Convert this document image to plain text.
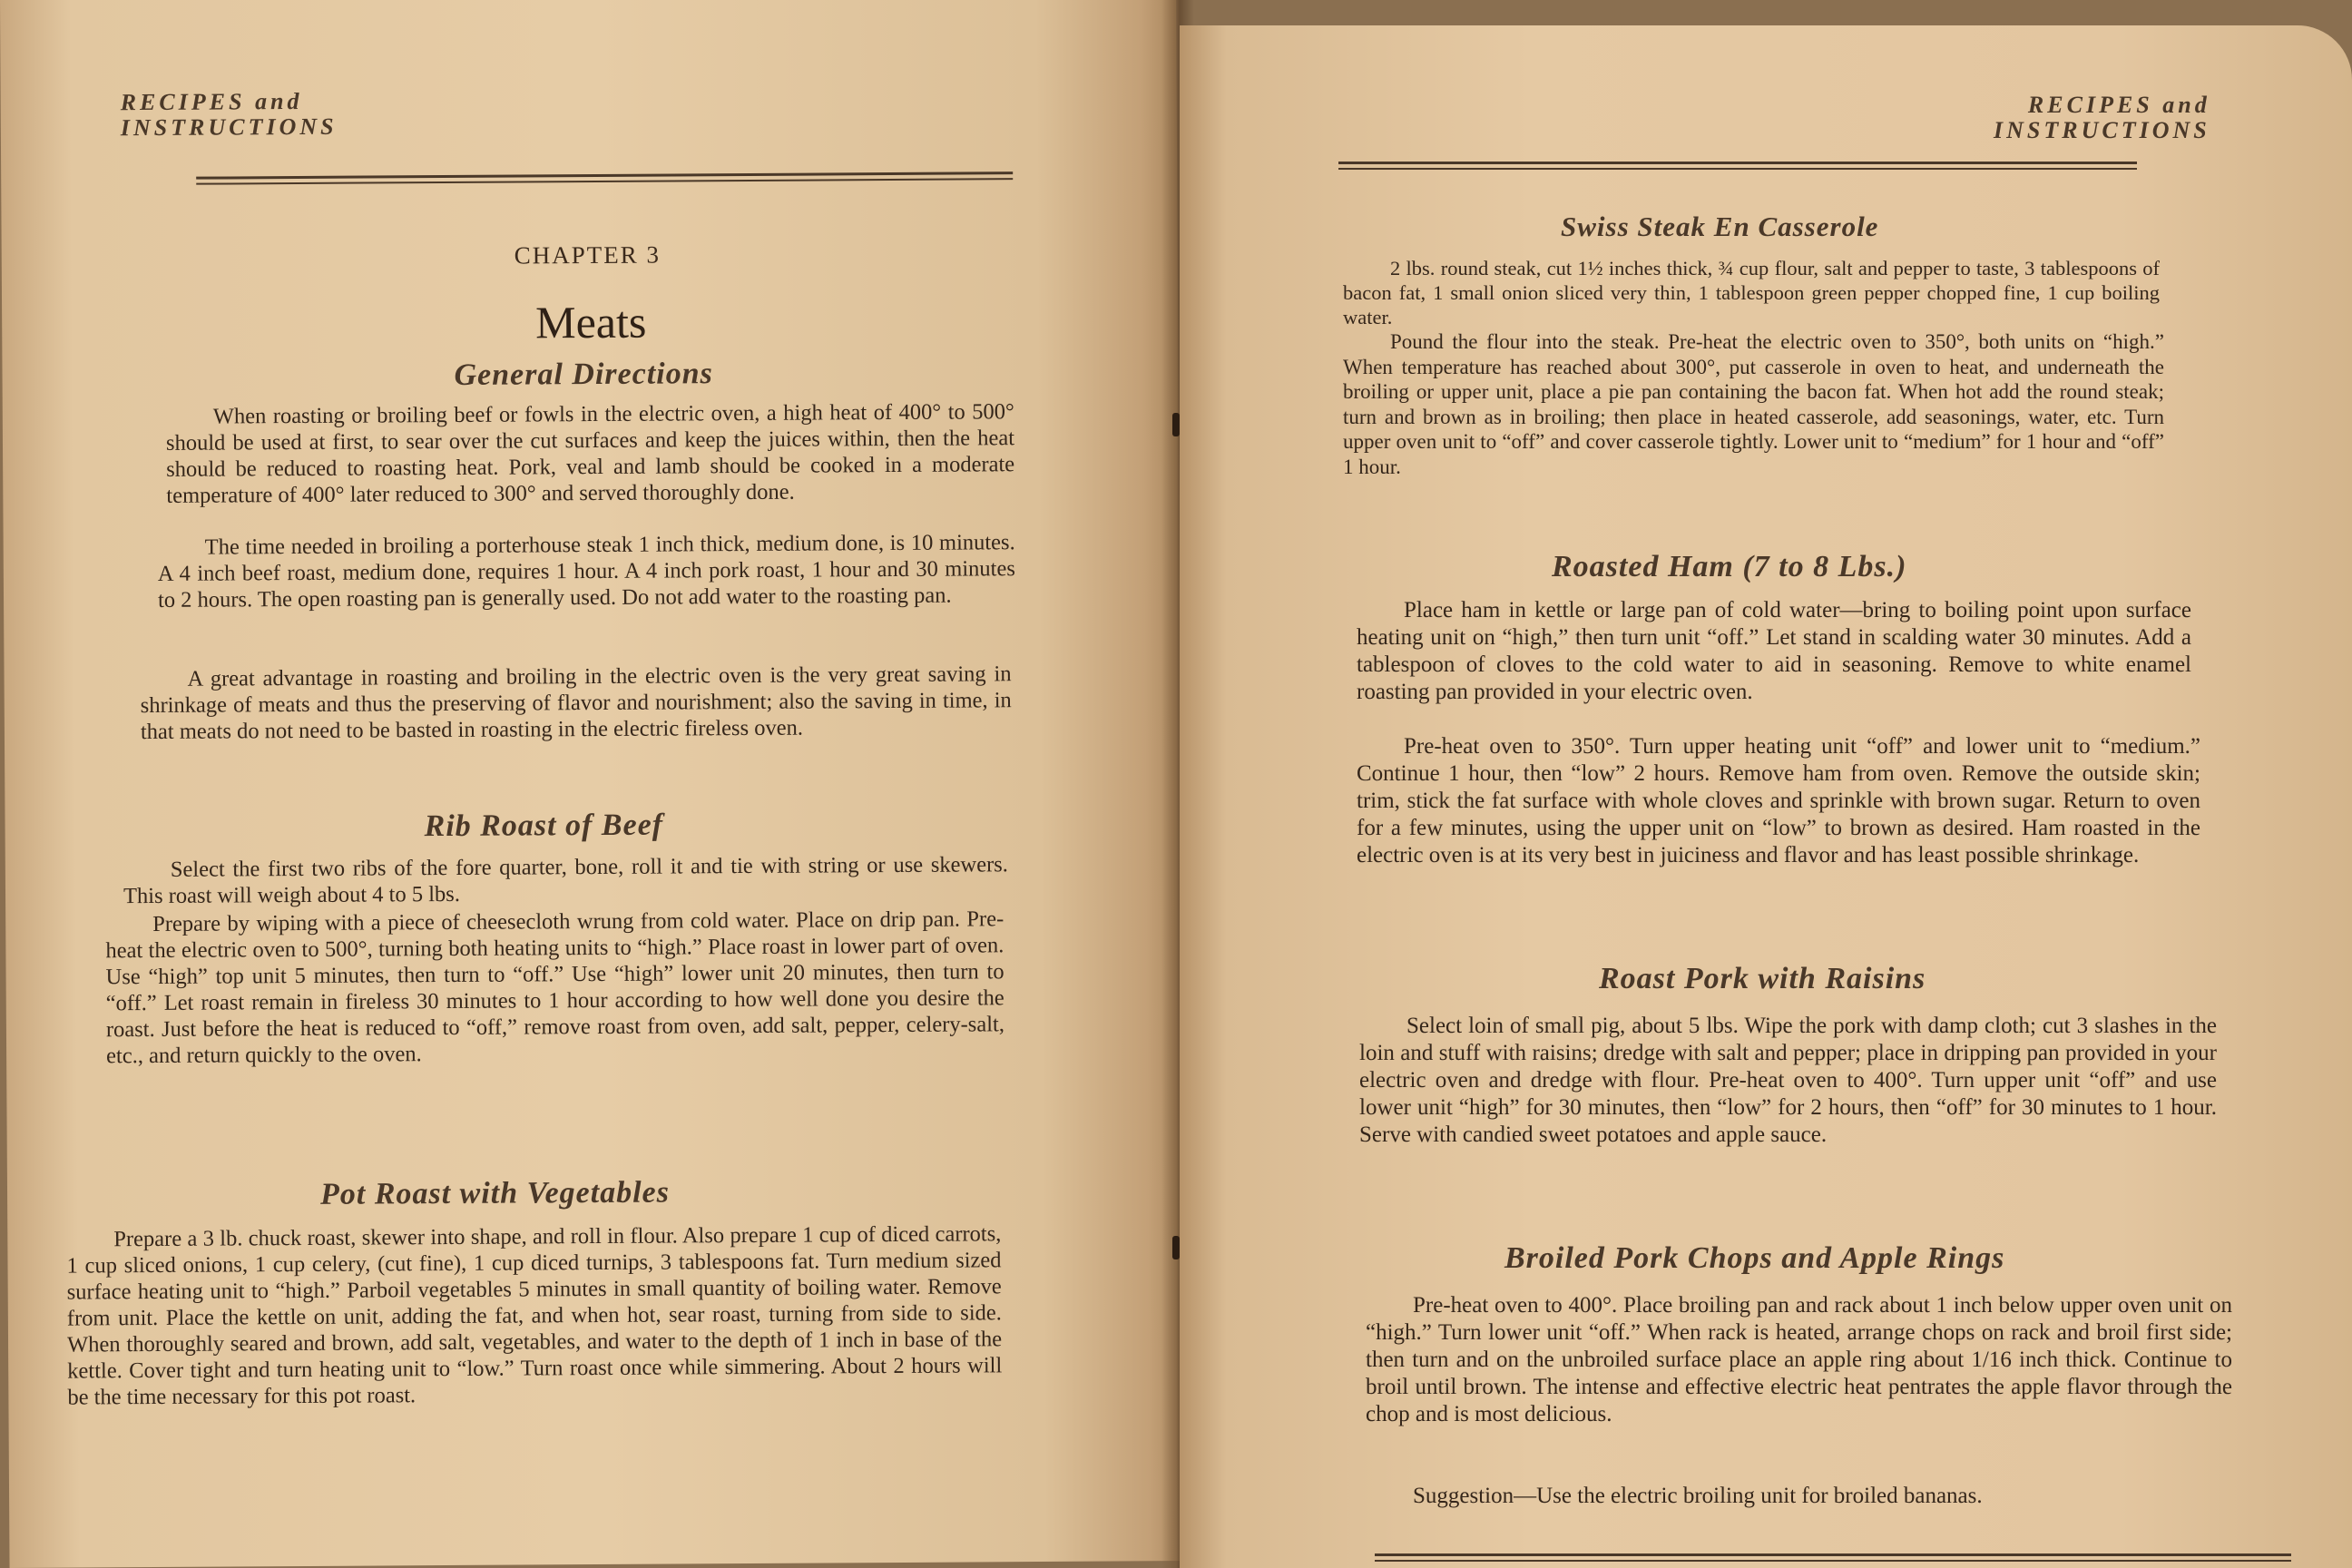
RECIPES and
INSTRUCTIONS
CHAPTER 3
Meats
General Directions
When roasting or broiling beef or fowls in the electric oven, a high heat of 400° to 500° should be used at first, to sear over the cut surfaces and keep the juices within, then the heat should be reduced to roasting heat. Pork, veal and lamb should be cooked in a moderate temperature of 400° later reduced to 300° and served thoroughly done.
The time needed in broiling a porterhouse steak 1 inch thick, medium done, is 10 minutes. A 4 inch beef roast, medium done, requires 1 hour. A 4 inch pork roast, 1 hour and 30 minutes to 2 hours. The open roasting pan is generally used. Do not add water to the roasting pan.
A great advantage in roasting and broiling in the electric oven is the very great saving in shrinkage of meats and thus the preserving of flavor and nourishment; also the saving in time, in that meats do not need to be basted in roasting in the electric fireless oven.
Rib Roast of Beef
Select the first two ribs of the fore quarter, bone, roll it and tie with string or use skewers. This roast will weigh about 4 to 5 lbs.
Prepare by wiping with a piece of cheesecloth wrung from cold water. Place on drip pan. Pre-heat the electric oven to 500°, turning both heating units to “high.” Place roast in lower part of oven. Use “high” top unit 5 minutes, then turn to “off.” Use “high” lower unit 20 minutes, then turn to “off.” Let roast remain in fireless 30 minutes to 1 hour according to how well done you desire the roast. Just before the heat is reduced to “off,” remove roast from oven, add salt, pepper, celery-salt, etc., and return quickly to the oven.
Pot Roast with Vegetables
Prepare a 3 lb. chuck roast, skewer into shape, and roll in flour. Also prepare 1 cup of diced carrots, 1 cup sliced onions, 1 cup celery, (cut fine), 1 cup diced turnips, 3 tablespoons fat. Turn medium sized surface heating unit to “high.” Parboil vegetables 5 minutes in small quantity of boiling water. Remove from unit. Place the kettle on unit, adding the fat, and when hot, sear roast, turning from side to side. When thoroughly seared and brown, add salt, vegetables, and water to the depth of 1 inch in base of the kettle. Cover tight and turn heating unit to “low.” Turn roast once while simmering. About 2 hours will be the time necessary for this pot roast.
RECIPES and
INSTRUCTIONS
Swiss Steak En Casserole
2 lbs. round steak, cut 1½ inches thick, ¾ cup flour, salt and pepper to taste, 3 tablespoons of bacon fat, 1 small onion sliced very thin, 1 tablespoon green pepper chopped fine, 1 cup boiling water.
Pound the flour into the steak. Pre-heat the electric oven to 350°, both units on “high.” When temperature has reached about 300°, put casserole in oven to heat, and underneath the broiling or upper unit, place a pie pan containing the bacon fat. When hot add the round steak; turn and brown as in broiling; then place in heated casserole, add seasonings, water, etc. Turn upper oven unit to “off” and cover casserole tightly. Lower unit to “medium” for 1 hour and “off” 1 hour.
Roasted Ham (7 to 8 Lbs.)
Place ham in kettle or large pan of cold water—bring to boiling point upon surface heating unit on “high,” then turn unit “off.” Let stand in scalding water 30 minutes. Add a tablespoon of cloves to the cold water to aid in seasoning. Remove to white enamel roasting pan provided in your electric oven.
Pre-heat oven to 350°. Turn upper heating unit “off” and lower unit to “medium.” Continue 1 hour, then “low” 2 hours. Remove ham from oven. Remove the outside skin; trim, stick the fat surface with whole cloves and sprinkle with brown sugar. Return to oven for a few minutes, using the upper unit on “low” to brown as desired. Ham roasted in the electric oven is at its very best in juiciness and flavor and has least possible shrinkage.
Roast Pork with Raisins
Select loin of small pig, about 5 lbs. Wipe the pork with damp cloth; cut 3 slashes in the loin and stuff with raisins; dredge with salt and pepper; place in dripping pan provided in your electric oven and dredge with flour. Pre-heat oven to 400°. Turn upper unit “off” and use lower unit “high” for 30 minutes, then “low” for 2 hours, then “off” for 30 minutes to 1 hour. Serve with candied sweet potatoes and apple sauce.
Broiled Pork Chops and Apple Rings
Pre-heat oven to 400°. Place broiling pan and rack about 1 inch below upper oven unit on “high.” Turn lower unit “off.” When rack is heated, arrange chops on rack and broil first side; then turn and on the unbroiled surface place an apple ring about 1/16 inch thick. Continue to broil until brown. The intense and effective electric heat pentrates the apple flavor through the chop and is most delicious.
Suggestion—Use the electric broiling unit for broiled bananas.
